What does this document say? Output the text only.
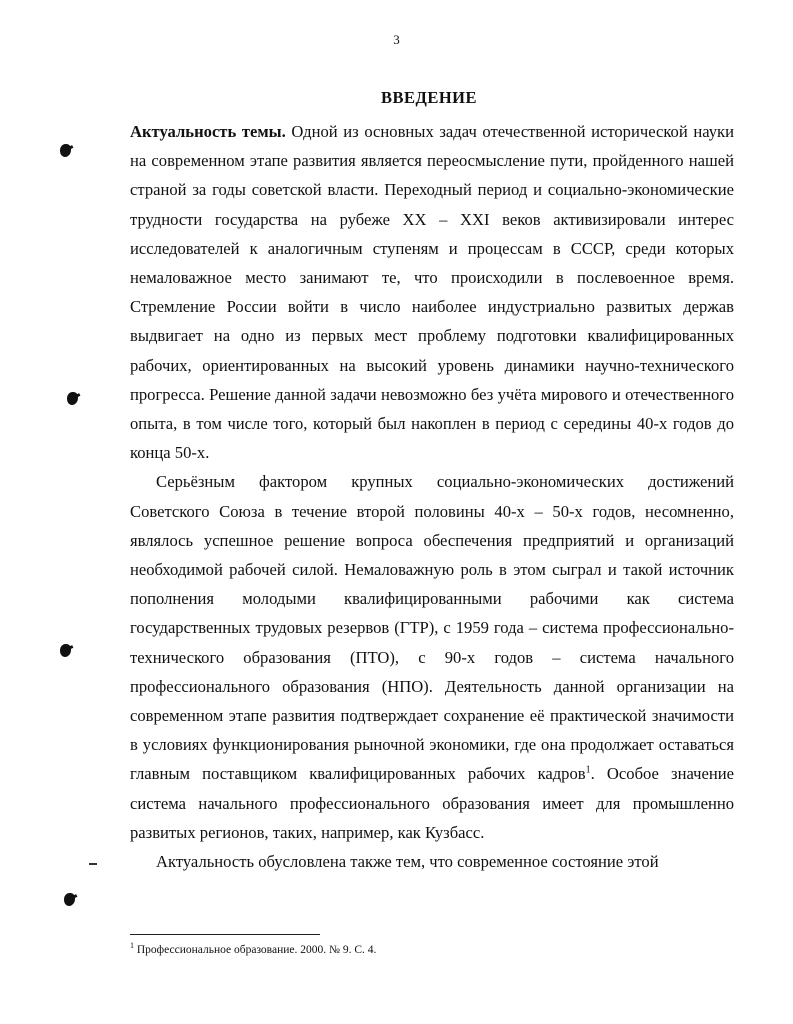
3
ВВЕДЕНИЕ

Актуальность темы. Одной из основных задач отечественной исторической науки на современном этапе развития является переосмысление пути, пройденного нашей страной за годы советской власти. Переходный период и социально-экономические трудности государства на рубеже XX – XXI веков активизировали интерес исследователей к аналогичным ступеням и процессам в СССР, среди которых немаловажное место занимают те, что происходили в послевоенное время. Стремление России войти в число наиболее индустриально развитых держав выдвигает на одно из первых мест проблему подготовки квалифицированных рабочих, ориентированных на высокий уровень динамики научно-технического прогресса. Решение данной задачи невозможно без учёта мирового и отечественного опыта, в том числе того, который был накоплен в период с середины 40-х годов до конца 50-х.

Серьёзным фактором крупных социально-экономических достижений Советского Союза в течение второй половины 40-х – 50-х годов, несомненно, являлось успешное решение вопроса обеспечения предприятий и организаций необходимой рабочей силой. Немаловажную роль в этом сыграл и такой источник пополнения молодыми квалифицированными рабочими как система государственных трудовых резервов (ГТР), с 1959 года – система профессионально-технического образования (ПТО), с 90-х годов – система начального профессионального образования (НПО). Деятельность данной организации на современном этапе развития подтверждает сохранение её практической значимости в условиях функционирования рыночной экономики, где она продолжает оставаться главным поставщиком квалифицированных рабочих кадров$^1$. Особое значение система начального профессионального образования имеет для промышленно развитых регионов, таких, например, как Кузбасс.

Актуальность обусловлена также тем, что современное состояние этой

$^1$ Профессиональное образование. 2000. № 9. С. 4.
